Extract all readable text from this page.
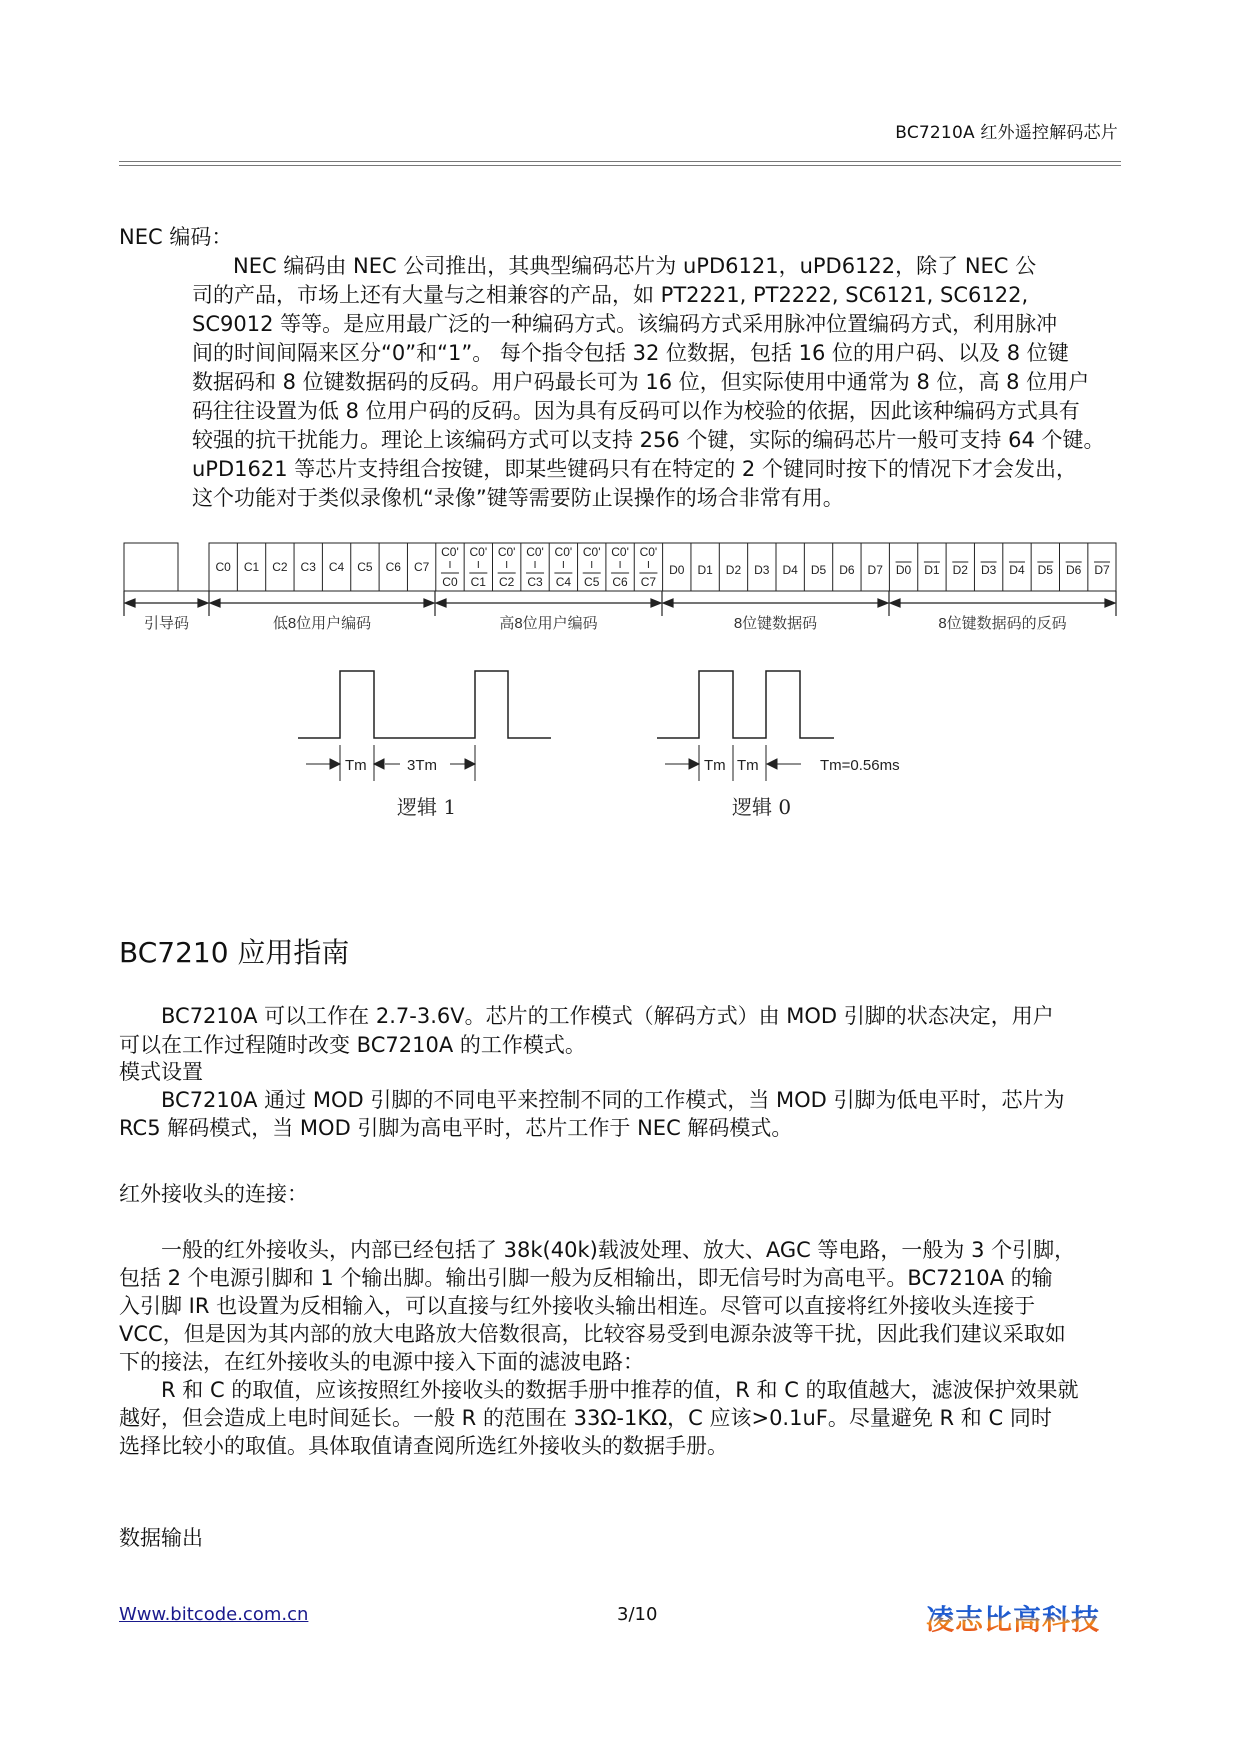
BC7210A 红外遥控解码芯片
NEC 编码：
NEC 编码由 NEC 公司推出，其典型编码芯片为 uPD6121，uPD6122，除了 NEC 公
司的产品，市场上还有大量与之相兼容的产品，如 PT2221, PT2222, SC6121, SC6122,
SC9012 等等。是应用最广泛的一种编码方式。该编码方式采用脉冲位置编码方式，利用脉冲
间的时间间隔来区分“0”和“1”。 每个指令包括 32 位数据，包括 16 位的用户码、以及 8 位键
数据码和 8 位键数据码的反码。用户码最长可为 16 位，但实际使用中通常为 8 位，高 8 位用户
码往往设置为低 8 位用户码的反码。因为具有反码可以作为校验的依据，因此该种编码方式具有
较强的抗干扰能力。理论上该编码方式可以支持 256 个键，实际的编码芯片一般可支持 64 个键。
uPD1621 等芯片支持组合按键，即某些键码只有在特定的 2 个键同时按下的情况下才会发出，
这个功能对于类似录像机“录像”键等需要防止误操作的场合非常有用。
C0 C1 C2 C3 C4 C5 C6 C7
C0' C0' C0' C0' C0' C0' C0' C0'
C0 C1 C2 C3 C4 C5 C6 C7
D0 D1 D2 D3 D4 D5 D6 D7 D0 D1 D2 D3 D4 D5 D6 D7
引导码	低8位用户编码	高8位用户编码	8位键数据码	8位键数据码的反码
Tm	3Tm	Tm Tm	Tm=0.56ms
逻辑 1	逻辑 0
BC7210 应用指南
BC7210A 可以工作在 2.7-3.6V。芯片的工作模式（解码方式）由 MOD 引脚的状态决定，用户
可以在工作过程随时改变 BC7210A 的工作模式。
模式设置
BC7210A 通过 MOD 引脚的不同电平来控制不同的工作模式，当 MOD 引脚为低电平时，芯片为
RC5 解码模式，当 MOD 引脚为高电平时，芯片工作于 NEC 解码模式。
红外接收头的连接：
一般的红外接收头，内部已经包括了 38k(40k)载波处理、放大、AGC 等电路，一般为 3 个引脚，
包括 2 个电源引脚和 1 个输出脚。输出引脚一般为反相输出，即无信号时为高电平。BC7210A 的输
入引脚 IR 也设置为反相输入，可以直接与红外接收头输出相连。尽管可以直接将红外接收头连接于
VCC，但是因为其内部的放大电路放大倍数很高，比较容易受到电源杂波等干扰，因此我们建议采取如
下的接法，在红外接收头的电源中接入下面的滤波电路：
R 和 C 的取值，应该按照红外接收头的数据手册中推荐的值，R 和 C 的取值越大，滤波保护效果就
越好，但会造成上电时间延长。一般 R 的范围在 33Ω-1KΩ，C 应该>0.1uF。尽量避免 R 和 C 同时
选择比较小的取值。具体取值请查阅所选红外接收头的数据手册。
数据输出
Www.bitcode.com.cn	3/10	凌志比高科技
